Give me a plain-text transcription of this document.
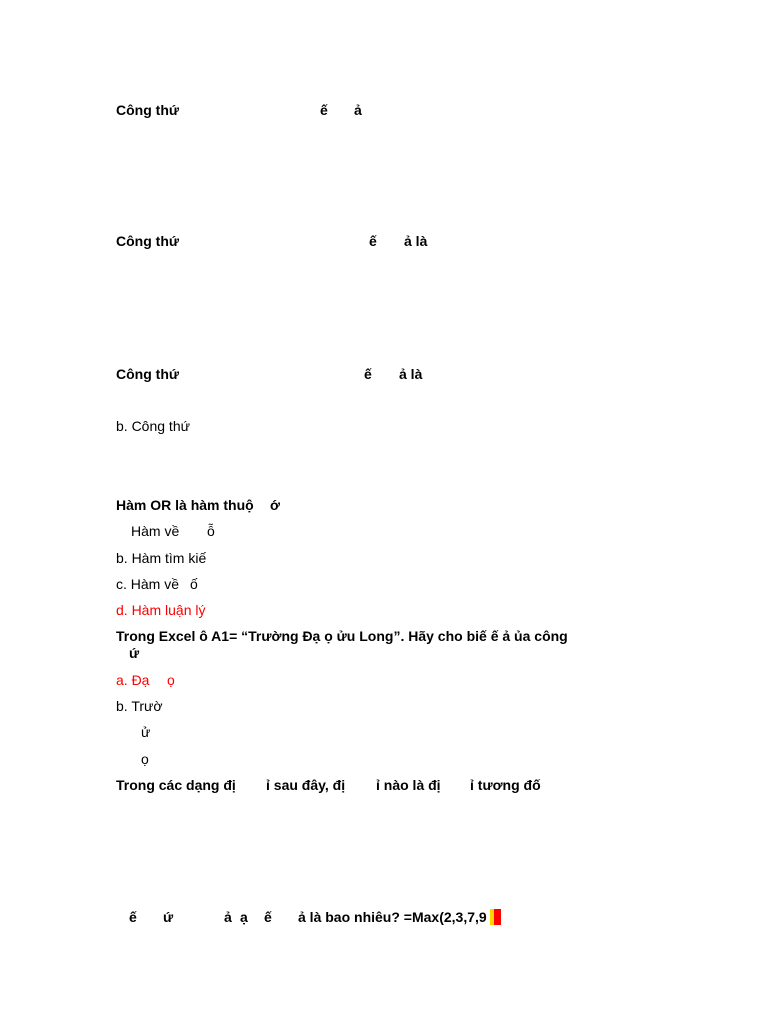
Công thứ	ế ả
Công thứ	ế ả là
Công thứ	ế ả là
b. Công thứ
Hàm OR là hàm thuộ ớ
Hàm về ỗ
b. Hàm tìm kiế
c. Hàm về ố
d. Hàm luận lý
Trong Excel ô A1= “Trường Đạ ọ ửu Long”. Hãy cho biế ế ả ủa công
ứ
a. Đạ ọ
b. Trườ
ử
ọ
Trong các dạng đị ỉ sau đây, đị ỉ nào là đị ỉ tương đố
ế ứ	ả ạ ế ả là bao nhiêu? =Max(2,3,7,9
